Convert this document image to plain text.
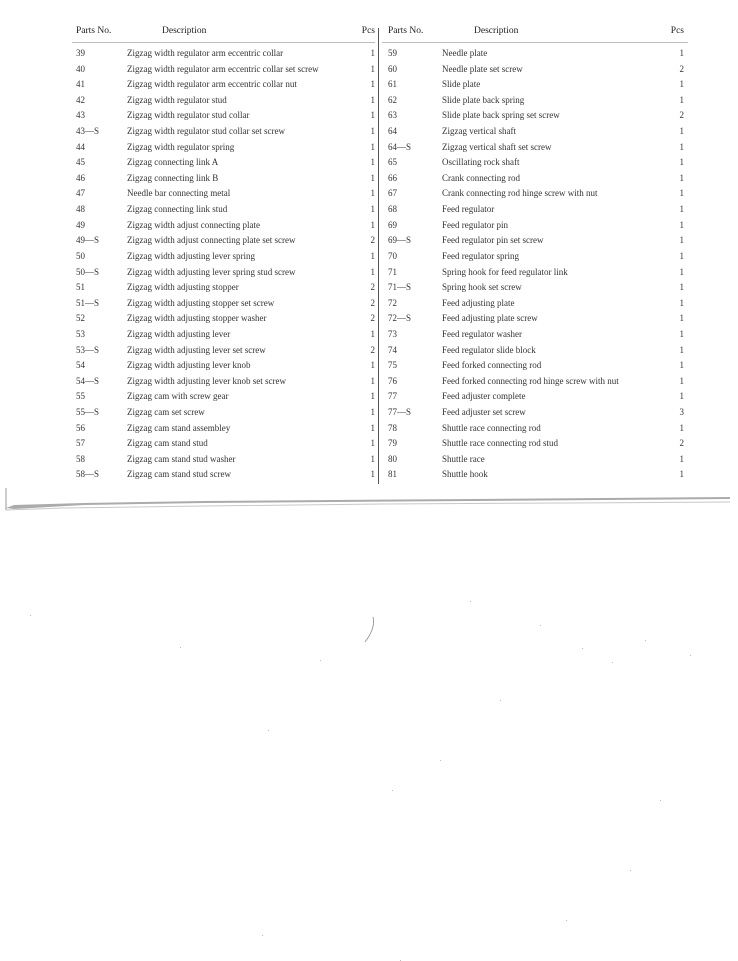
Parts No.	Description	Pcs
39	Zigzag width regulator arm eccentric collar	1
40	Zigzag width regulator arm eccentric collar set screw	1
41	Zigzag width regulator arm eccentric collar nut	1
42	Zigzag width regulator stud	1
43	Zigzag width regulator stud collar	1
43—S	Zigzag width regulator stud collar set screw	1
44	Zigzag width regulator spring	1
45	Zigzag connecting link A	1
46	Zigzag connecting link B	1
47	Needle bar connecting metal	1
48	Zigzag connecting link stud	1
49	Zigzag width adjust connecting plate	1
49—S	Zigzag width adjust connecting plate set screw	2
50	Zigzag width adjusting lever spring	1
50—S	Zigzag width adjusting lever spring stud screw	1
51	Zigzag width adjusting stopper	2
51—S	Zigzag width adjusting stopper set screw	2
52	Zigzag width adjusting stopper washer	2
53	Zigzag width adjusting lever	1
53—S	Zigzag width adjusting lever set screw	2
54	Zigzag width adjusting lever knob	1
54—S	Zigzag width adjusting lever knob set screw	1
55	Zigzag cam with screw gear	1
55—S	Zigzag cam set screw	1
56	Zigzag cam stand assembley	1
57	Zigzag cam stand stud	1
58	Zigzag cam stand stud washer	1
58—S	Zigzag cam stand stud screw	1
Parts No.	Description	Pcs
59	Needle plate	1
60	Needle plate set screw	2
61	Slide plate	1
62	Slide plate back spring	1
63	Slide plate back spring set screw	2
64	Zigzag vertical shaft	1
64—S	Zigzag vertical shaft set screw	1
65	Oscillating rock shaft	1
66	Crank connecting rod	1
67	Crank connecting rod hinge screw with nut	1
68	Feed regulator	1
69	Feed regulator pin	1
69—S	Feed regulator pin set screw	1
70	Feed regulator spring	1
71	Spring hook for feed regulator link	1
71—S	Spring hook set screw	1
72	Feed adjusting plate	1
72—S	Feed adjusting plate screw	1
73	Feed regulator washer	1
74	Feed regulator slide block	1
75	Feed forked connecting rod	1
76	Feed forked connecting rod hinge screw with nut	1
77	Feed adjuster complete	1
77—S	Feed adjuster set screw	3
78	Shuttle race connecting rod	1
79	Shuttle race connecting rod stud	2
80	Shuttle race	1
81	Shuttle hook	1
